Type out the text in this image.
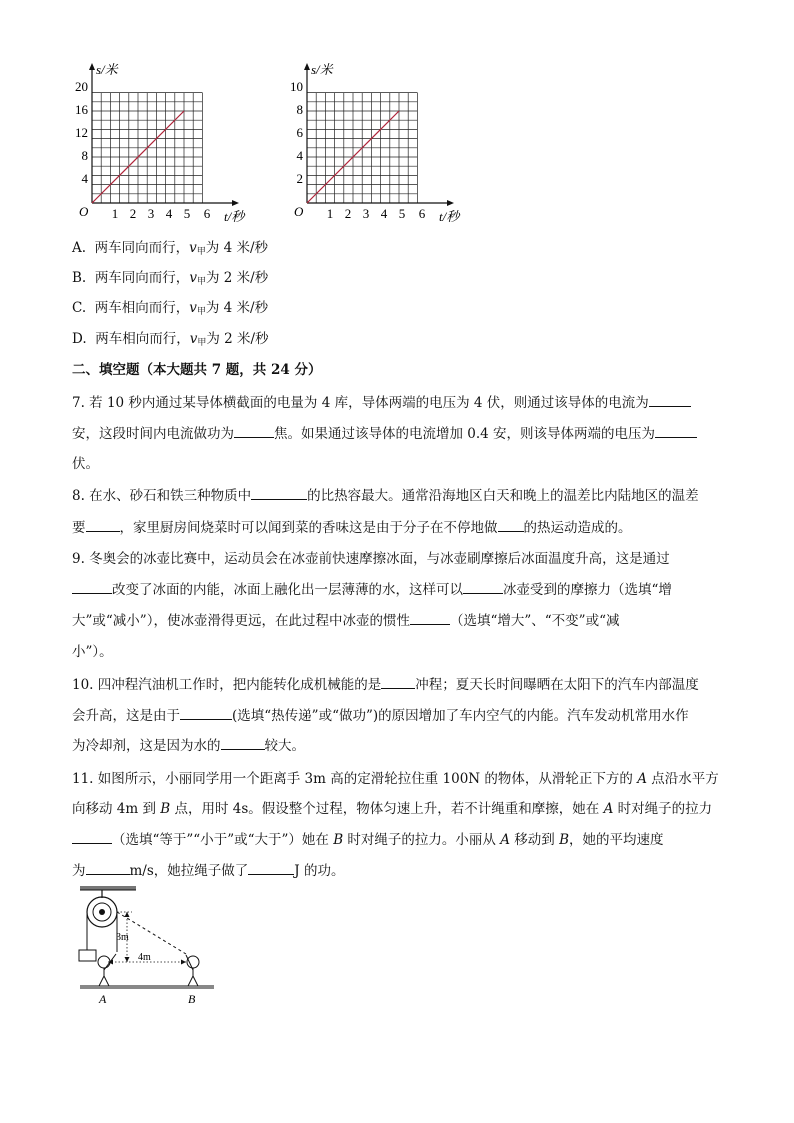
s/米
t/秒
O
20
16
12
8
4
1 2 3 4 5 6
s/米
t/秒
O
10
8
6
4
2
1 2 3 4 5 6
A. 两车同向而行，$v_甲$为 4 米/秒
B. 两车同向而行，$v_甲$为 2 米/秒
C. 两车相向而行，$v_甲$为 4 米/秒
D. 两车相向而行，$v_甲$为 2 米/秒
二、填空题（本大题共 7 题，共 24 分）
7. 若 10 秒内通过某导体横截面的电量为 4 库，导体两端的电压为 4 伏，则通过该导体的电流为
安，这段时间内电流做功为	焦。如果通过该导体的电流增加 0.4 安，则该导体两端的电压为
伏。
8. 在水、砂石和铁三种物质中	的比热容最大。通常沿海地区白天和晚上的温差比内陆地区的温差
要	，家里厨房间烧菜时可以闻到菜的香味这是由于分子在不停地做 的热运动造成的。
9. 冬奥会的冰壶比赛中，运动员会在冰壶前快速摩擦冰面，与冰壶刷摩擦后冰面温度升高，这是通过
改变了冰面的内能，冰面上融化出一层薄薄的水，这样可以	冰壶受到的摩擦力（选填“增
大”或“减小”），使冰壶滑得更远，在此过程中冰壶的惯性	（选填“增大”、“不变”或“减
小”）。
10. 四冲程汽油机工作时，把内能转化成机械能的是	冲程；夏天长时间曝晒在太阳下的汽车内部温度
会升高，这是由于	(选填“热传递”或“做功”)的原因增加了车内空气的内能。汽车发动机常用水作
为冷却剂，这是因为水的	较大。
11. 如图所示，小丽同学用一个距离手 3m 高的定滑轮拉住重 100N 的物体，从滑轮正下方的 A 点沿水平方
向移动 4m 到 B 点，用时 4s。假设整个过程，物体匀速上升，若不计绳重和摩擦，她在 A 时对绳子的拉力
（选填“等于”“小于”或“大于”）她在 B 时对绳子的拉力。小丽从 A 移动到 B，她的平均速度
为	m/s，她拉绳子做了	J 的功。
3m
4m
A	B
